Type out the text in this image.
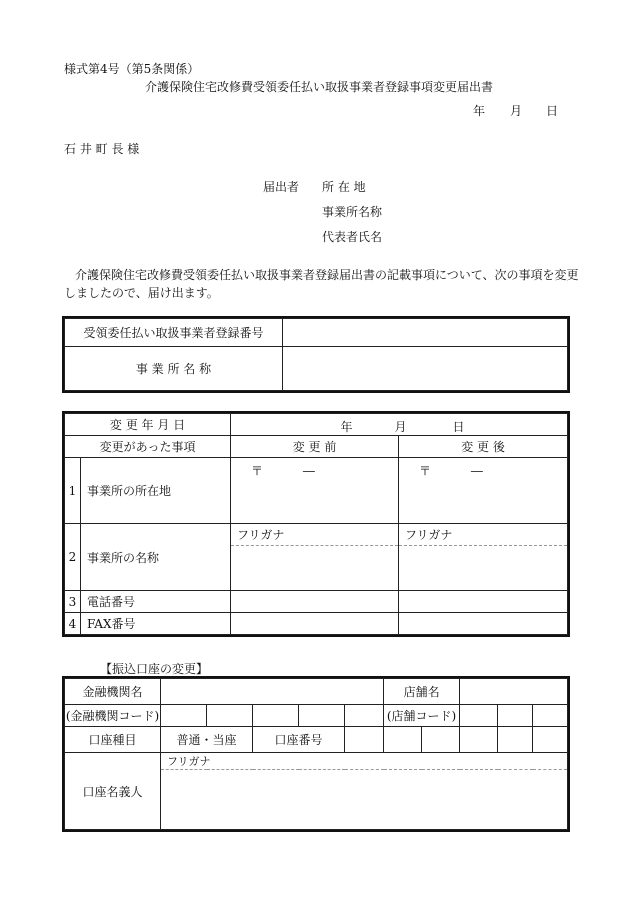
様式第4号（第5条関係）
介護保険住宅改修費受領委任払い取扱事業者登録事項変更届出書
年 月 日
石 井 町 長 様
届出者 所 在 地
事業所名称
代表者氏名
介護保険住宅改修費受領委任払い取扱事業者登録届出書の記載事項について、次の事項を変更
しましたので、届け出ます。
受領委任払い取扱事業者登録番号	
事 業 所 名 称	
変 更 年 月 日		年 月 日	

変更があった事項		変 更 前	変 更 後
1	事業所の所在地	〒 ―	〒 ―
2	事業所の名称	フリガナ	フリガナ

3	電話番号		
4	FAX番号		
【振込口座の変更】
金融機関名						店舗名				
(金融機関コード)						(店舗コード)				
口座種目	普通・当座		口座番号							
口座名義人	フリガナ									
